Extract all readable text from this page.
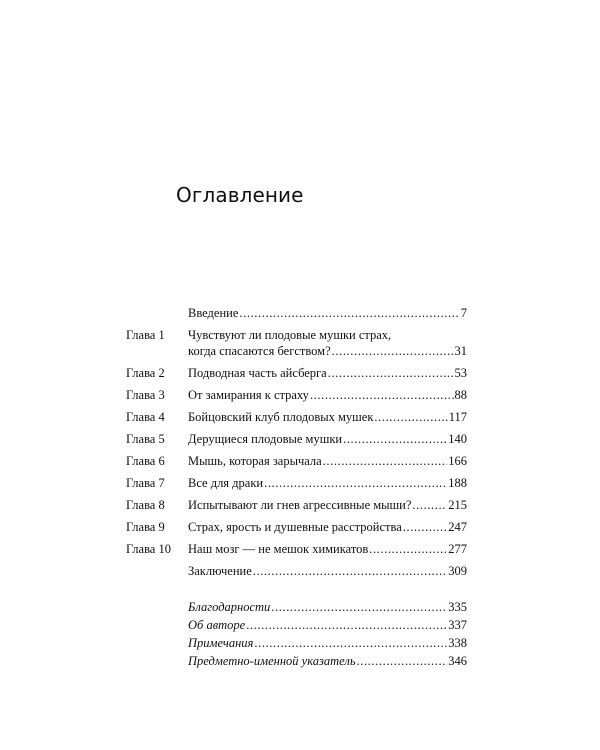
Оглавление
Введение .....	7
Глава 1 Чувствуют ли плодовые мушки страх,
когда спасаются бегством? .....	31
Глава 2 Подводная часть айсберга .....	53
Глава 3 От замирания к страху .....	88
Глава 4 Бойцовский клуб плодовых мушек .....	117
Глава 5 Дерущиеся плодовые мушки .....	140
Глава 6 Мышь, которая зарычала .....	166
Глава 7 Все для драки .....	188
Глава 8 Испытывают ли гнев агрессивные мыши? .....	215
Глава 9 Страх, ярость и душевные расстройства .....	247
Глава 10 Наш мозг — не мешок химикатов .....	277
Заключение .....	309
Благодарности .....	335
Об авторе .....	337
Примечания .....	338
Предметно-именной указатель .....	346
